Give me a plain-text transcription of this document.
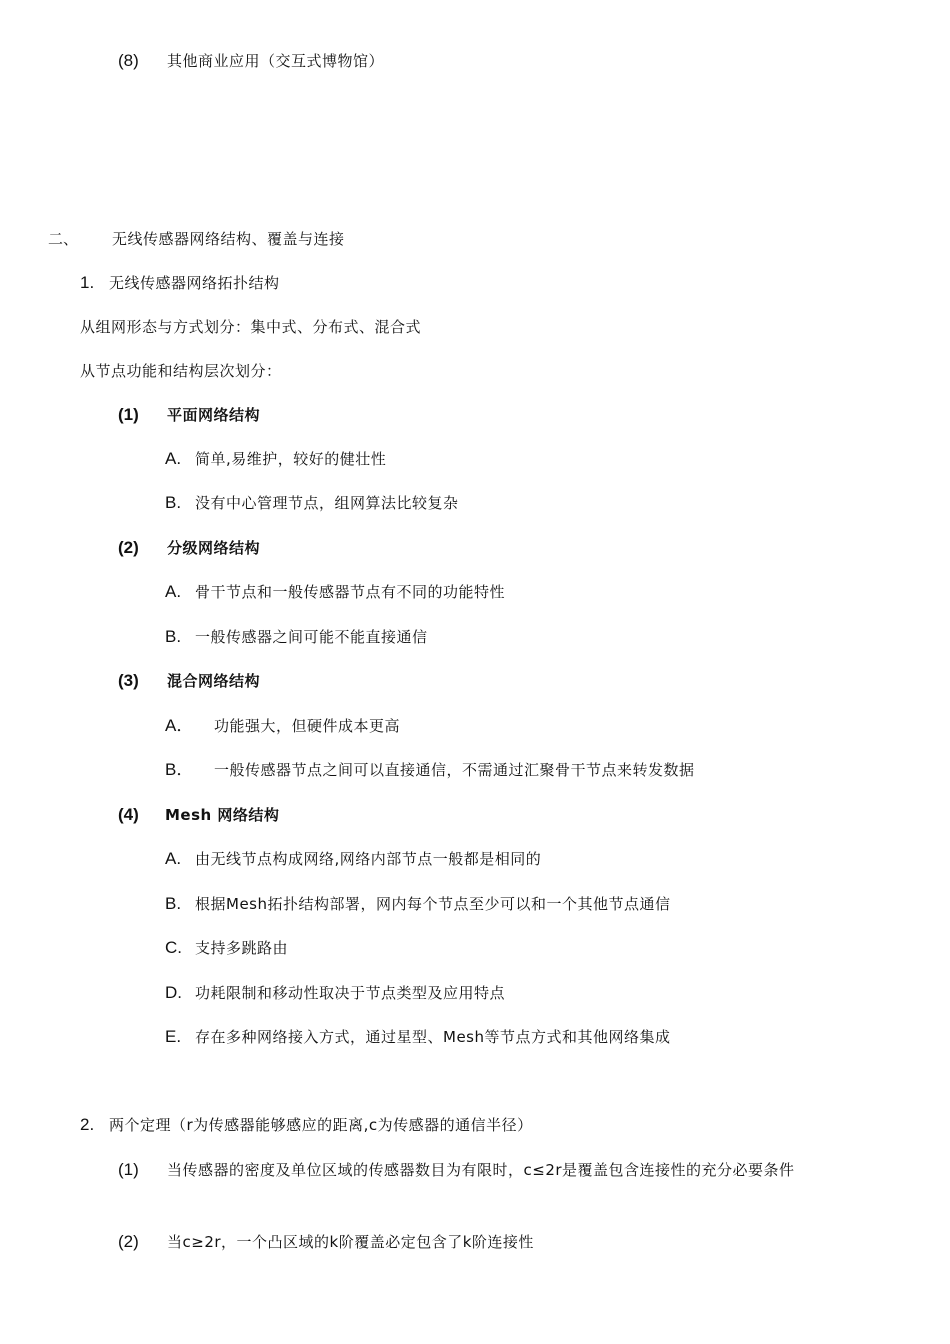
(8)	其他商业应用（交互式博物馆）
二、	无线传感器网络结构、覆盖与连接
1. 无线传感器网络拓扑结构
从组网形态与方式划分：集中式、分布式、混合式
从节点功能和结构层次划分：
(1)	平面网络结构
A. 简单,易维护，较好的健壮性
B. 没有中心管理节点，组网算法比较复杂
(2)	分级网络结构
A. 骨干节点和一般传感器节点有不同的功能特性
B. 一般传感器之间可能不能直接通信
(3)	混合网络结构
A．	功能强大，但硬件成本更高
B．	一般传感器节点之间可以直接通信，不需通过汇聚骨干节点来转发数据
(4)	Mesh 网络结构
A. 由无线节点构成网络,网络内部节点一般都是相同的
B. 根据Mesh拓扑结构部署，网内每个节点至少可以和一个其他节点通信
C. 支持多跳路由
D. 功耗限制和移动性取决于节点类型及应用特点
E. 存在多种网络接入方式，通过星型、Mesh等节点方式和其他网络集成
2. 两个定理（r为传感器能够感应的距离,c为传感器的通信半径）
(1) 当传感器的密度及单位区域的传感器数目为有限时，c≤2r是覆盖包含连接性的充分必要条件
(2)	当c≥2r，一个凸区域的k阶覆盖必定包含了k阶连接性
